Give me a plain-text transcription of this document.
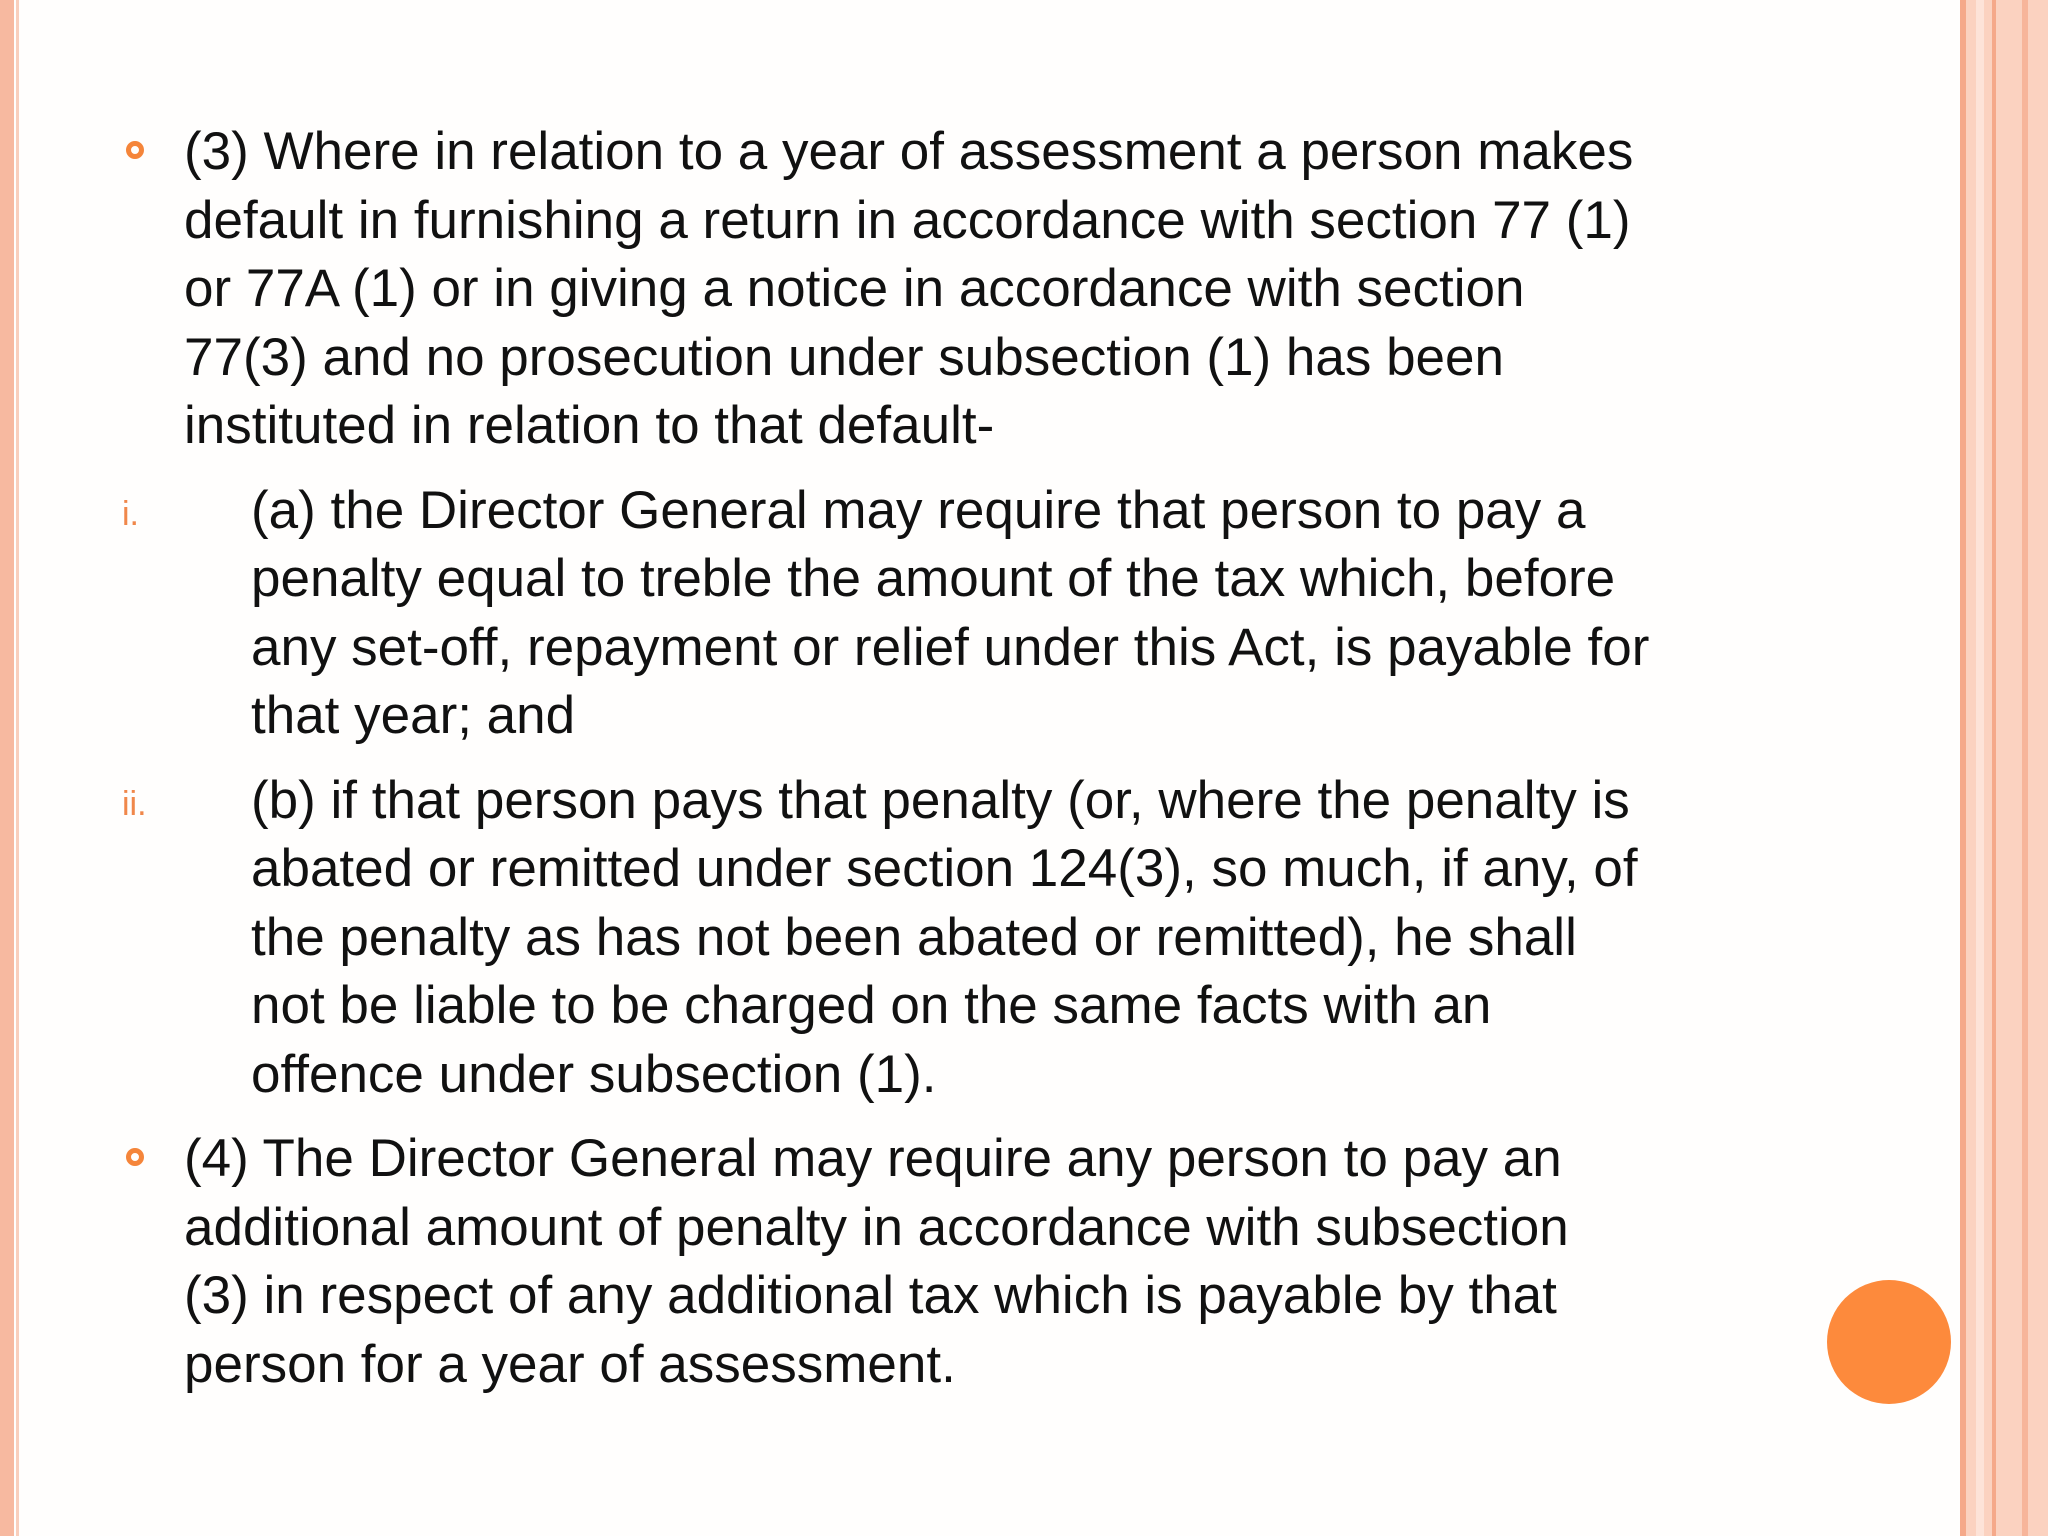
(3) Where in relation to a year of assessment a person makes
default in furnishing a return in accordance with section 77 (1)
or 77A (1) or in giving a notice in accordance with section
77(3) and no prosecution under subsection (1) has been
instituted in relation to that default-
i. (a) the Director General may require that person to pay a
penalty equal to treble the amount of the tax which, before
any set-off, repayment or relief under this Act, is payable for
that year; and
ii. (b) if that person pays that penalty (or, where the penalty is
abated or remitted under section 124(3), so much, if any, of
the penalty as has not been abated or remitted), he shall
not be liable to be charged on the same facts with an
offence under subsection (1).
(4) The Director General may require any person to pay an
additional amount of penalty in accordance with subsection
(3) in respect of any additional tax which is payable by that
person for a year of assessment.
